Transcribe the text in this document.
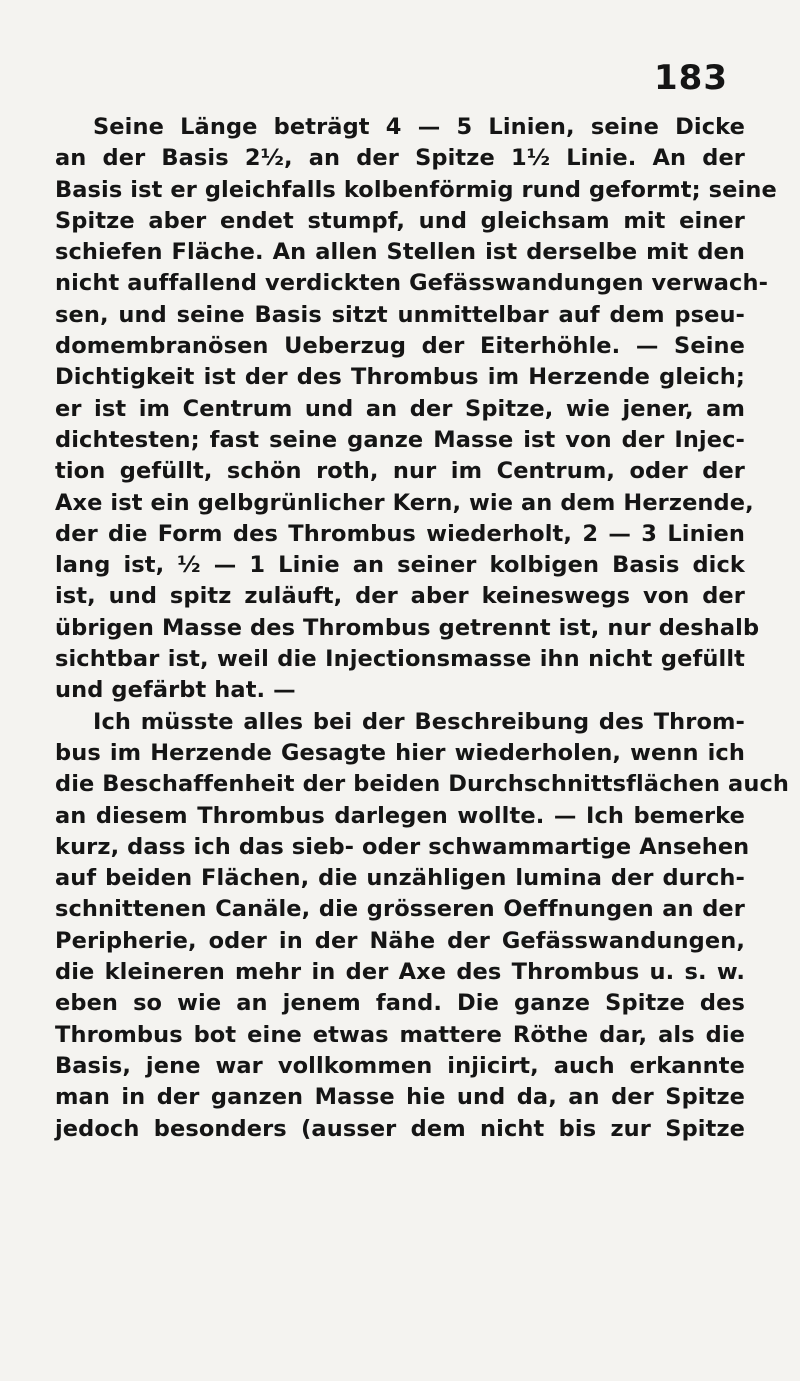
183
Seine Länge beträgt 4 — 5 Linien, seine Dicke
an der Basis 2½, an der Spitze 1½ Linie. An der
Basis ist er gleichfalls kolbenförmig rund geformt; seine
Spitze aber endet stumpf, und gleichsam mit einer
schiefen Fläche. An allen Stellen ist derselbe mit den
nicht auffallend verdickten Gefässwandungen verwach-
sen, und seine Basis sitzt unmittelbar auf dem pseu-
domembranösen Ueberzug der Eiterhöhle. — Seine
Dichtigkeit ist der des Thrombus im Herzende gleich;
er ist im Centrum und an der Spitze, wie jener, am
dichtesten; fast seine ganze Masse ist von der Injec-
tion gefüllt, schön roth, nur im Centrum, oder der
Axe ist ein gelbgrünlicher Kern, wie an dem Herzende,
der die Form des Thrombus wiederholt, 2 — 3 Linien
lang ist, ½ — 1 Linie an seiner kolbigen Basis dick
ist, und spitz zuläuft, der aber keineswegs von der
übrigen Masse des Thrombus getrennt ist, nur deshalb
sichtbar ist, weil die Injectionsmasse ihn nicht gefüllt
und gefärbt hat. —
Ich müsste alles bei der Beschreibung des Throm-
bus im Herzende Gesagte hier wiederholen, wenn ich
die Beschaffenheit der beiden Durchschnittsflächen auch
an diesem Thrombus darlegen wollte. — Ich bemerke
kurz, dass ich das sieb- oder schwammartige Ansehen
auf beiden Flächen, die unzähligen lumina der durch-
schnittenen Canäle, die grösseren Oeffnungen an der
Peripherie, oder in der Nähe der Gefässwandungen,
die kleineren mehr in der Axe des Thrombus u. s. w.
eben so wie an jenem fand. Die ganze Spitze des
Thrombus bot eine etwas mattere Röthe dar, als die
Basis, jene war vollkommen injicirt, auch erkannte
man in der ganzen Masse hie und da, an der Spitze
jedoch besonders (ausser dem nicht bis zur Spitze
